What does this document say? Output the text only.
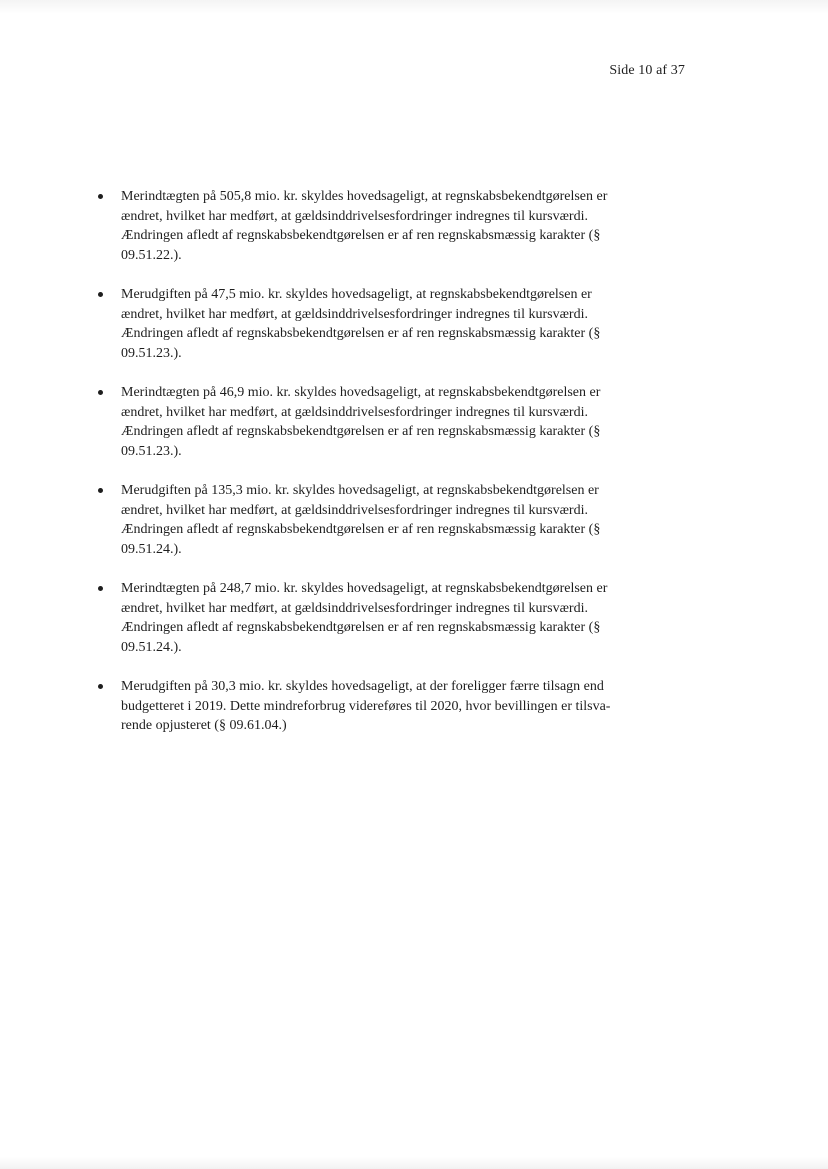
Side 10 af 37
Merindtægten på 505,8 mio. kr. skyldes hovedsageligt, at regnskabsbekendtgørelsen er
ændret, hvilket har medført, at gældsinddrivelsesfordringer indregnes til kursværdi.
Ændringen afledt af regnskabsbekendtgørelsen er af ren regnskabsmæssig karakter (§
09.51.22.).
Merudgiften på 47,5 mio. kr. skyldes hovedsageligt, at regnskabsbekendtgørelsen er
ændret, hvilket har medført, at gældsinddrivelsesfordringer indregnes til kursværdi.
Ændringen afledt af regnskabsbekendtgørelsen er af ren regnskabsmæssig karakter (§
09.51.23.).
Merindtægten på 46,9 mio. kr. skyldes hovedsageligt, at regnskabsbekendtgørelsen er
ændret, hvilket har medført, at gældsinddrivelsesfordringer indregnes til kursværdi.
Ændringen afledt af regnskabsbekendtgørelsen er af ren regnskabsmæssig karakter (§
09.51.23.).
Merudgiften på 135,3 mio. kr. skyldes hovedsageligt, at regnskabsbekendtgørelsen er
ændret, hvilket har medført, at gældsinddrivelsesfordringer indregnes til kursværdi.
Ændringen afledt af regnskabsbekendtgørelsen er af ren regnskabsmæssig karakter (§
09.51.24.).
Merindtægten på 248,7 mio. kr. skyldes hovedsageligt, at regnskabsbekendtgørelsen er
ændret, hvilket har medført, at gældsinddrivelsesfordringer indregnes til kursværdi.
Ændringen afledt af regnskabsbekendtgørelsen er af ren regnskabsmæssig karakter (§
09.51.24.).
Merudgiften på 30,3 mio. kr. skyldes hovedsageligt, at der foreligger færre tilsagn end
budgetteret i 2019. Dette mindreforbrug videreføres til 2020, hvor bevillingen er tilsva-
rende opjusteret (§ 09.61.04.)
